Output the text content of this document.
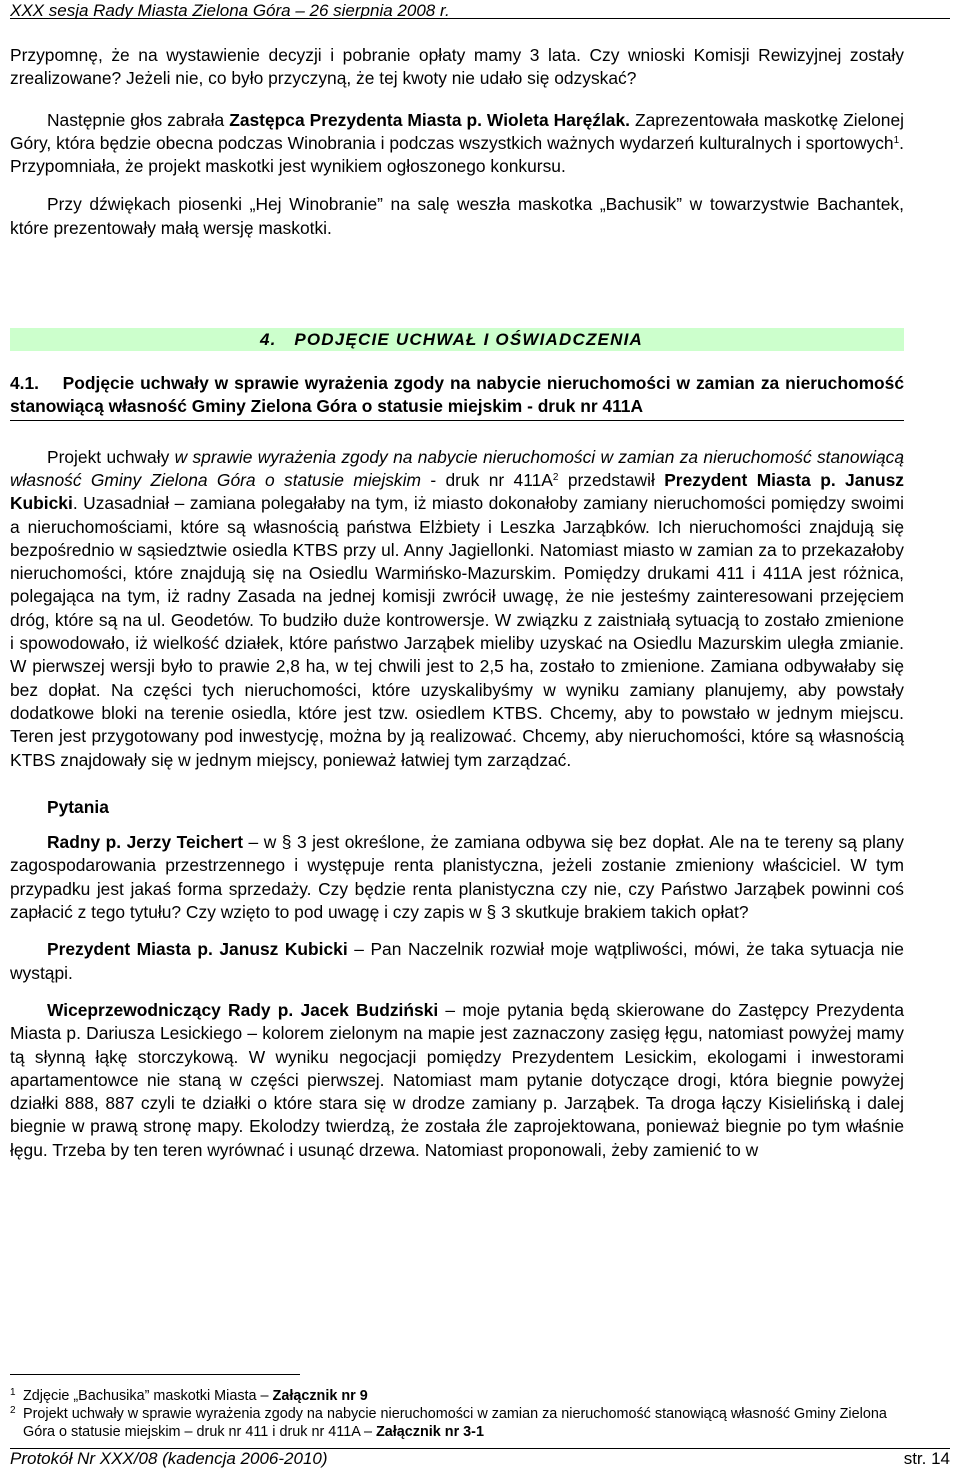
XXX sesja Rady Miasta Zielona Góra – 26 sierpnia 2008 r.

Przypomnę, że na wystawienie decyzji i pobranie opłaty mamy 3 lata. Czy wnioski Komisji Rewizyjnej zostały zrealizowane? Jeżeli nie, co było przyczyną, że tej kwoty nie udało się odzyskać?

Następnie głos zabrała Zastępca Prezydenta Miasta p. Wioleta Haręźlak. Zaprezentowała maskotkę Zielonej Góry, która będzie obecna podczas Winobrania i podczas wszystkich ważnych wydarzeń kulturalnych i sportowych$^1$. Przypomniała, że projekt maskotki jest wynikiem ogłoszonego konkursu.

Przy dźwiękach piosenki „Hej Winobranie” na salę weszła maskotka „Bachusik” w towarzystwie Bachantek, które prezentowały małą wersję maskotki.

4.   PODJĘCIE UCHWAŁ I OŚWIADCZENIA
4.1.    Podjęcie uchwały w sprawie wyrażenia zgody na nabycie nieruchomości w zamian za nieruchomość stanowiącą własność Gminy Zielona Góra o statusie miejskim - druk nr 411A

Projekt uchwały w sprawie wyrażenia zgody na nabycie nieruchomości w zamian za nieruchomość stanowiącą własność Gminy Zielona Góra o statusie miejskim - druk nr $411A^2$ przedstawił Prezydent Miasta p. Janusz Kubicki. Uzasadniał – zamiana polegałaby na tym, iż miasto dokonałoby zamiany nieruchomości pomiędzy swoimi a nieruchomościami, które są własnością państwa Elżbiety i Leszka Jarząbków. Ich nieruchomości znajdują się bezpośrednio w sąsiedztwie osiedla KTBS przy ul. Anny Jagiellonki. Natomiast miasto w zamian za to przekazałoby nieruchomości, które znajdują się na Osiedlu Warmińsko-Mazurskim. Pomiędzy drukami 411 i 411A jest różnica, polegająca na tym, iż radny Zasada na jednej komisji zwrócił uwagę, że nie jesteśmy zainteresowani przejęciem dróg, które są na ul. Geodetów. To budziło duże kontrowersje. W związku z zaistniałą sytuacją to zostało zmienione i spowodowało, iż wielkość działek, które państwo Jarząbek mieliby uzyskać na Osiedlu Mazurskim uległa zmianie. W pierwszej wersji było to prawie 2,8 ha, w tej chwili jest to 2,5 ha, zostało to zmienione. Zamiana odbywałaby się bez dopłat. Na części tych nieruchomości, które uzyskalibyśmy w wyniku zamiany planujemy, aby powstały dodatkowe bloki na terenie osiedla, które jest tzw. osiedlem KTBS. Chcemy, aby to powstało w jednym miejscu. Teren jest przygotowany pod inwestycję, można by ją realizować. Chcemy, aby nieruchomości, które są własnością KTBS znajdowały się w jednym miejscy, ponieważ łatwiej tym zarządzać.

Pytania

Radny p. Jerzy Teichert – w § 3 jest określone, że zamiana odbywa się bez dopłat. Ale na te tereny są plany zagospodarowania przestrzennego i występuje renta planistyczna, jeżeli zostanie zmieniony właściciel. W tym przypadku jest jakaś forma sprzedaży. Czy będzie renta planistyczna czy nie, czy Państwo Jarząbek powinni coś zapłacić z tego tytułu? Czy wzięto to pod uwagę i czy zapis w § 3 skutkuje brakiem takich opłat?

Prezydent Miasta p. Janusz Kubicki – Pan Naczelnik rozwiał moje wątpliwości, mówi, że taka sytuacja nie wystąpi.

Wiceprzewodniczący Rady p. Jacek Budziński – moje pytania będą skierowane do Zastępcy Prezydenta Miasta p. Dariusza Lesickiego – kolorem zielonym na mapie jest zaznaczony zasięg łęgu, natomiast powyżej mamy tą słynną łąkę storczykową. W wyniku negocjacji pomiędzy Prezydentem Lesickim, ekologami i inwestorami apartamentowce nie staną w części pierwszej. Natomiast mam pytanie dotyczące drogi, która biegnie powyżej działki 888, 887 czyli te działki o które stara się w drodze zamiany p. Jarząbek. Ta droga łączy Kisielińską i dalej biegnie w prawą stronę mapy. Ekolodzy twierdzą, że została źle zaprojektowana, ponieważ biegnie po tym właśnie łęgu. Trzeba by ten teren wyrównać i usunąć drzewa. Natomiast proponowali, żeby zamienić to w

1 Zdjęcie „Bachusika” maskotki Miasta – Załącznik nr 9
2 Projekt uchwały w sprawie wyrażenia zgody na nabycie nieruchomości w zamian za nieruchomość stanowiącą własność Gminy Zielona Góra o statusie miejskim – druk nr 411 i druk nr 411A – Załącznik nr 3-1
Protokół Nr XXX/08 (kadencja 2006-2010)	str. 14
